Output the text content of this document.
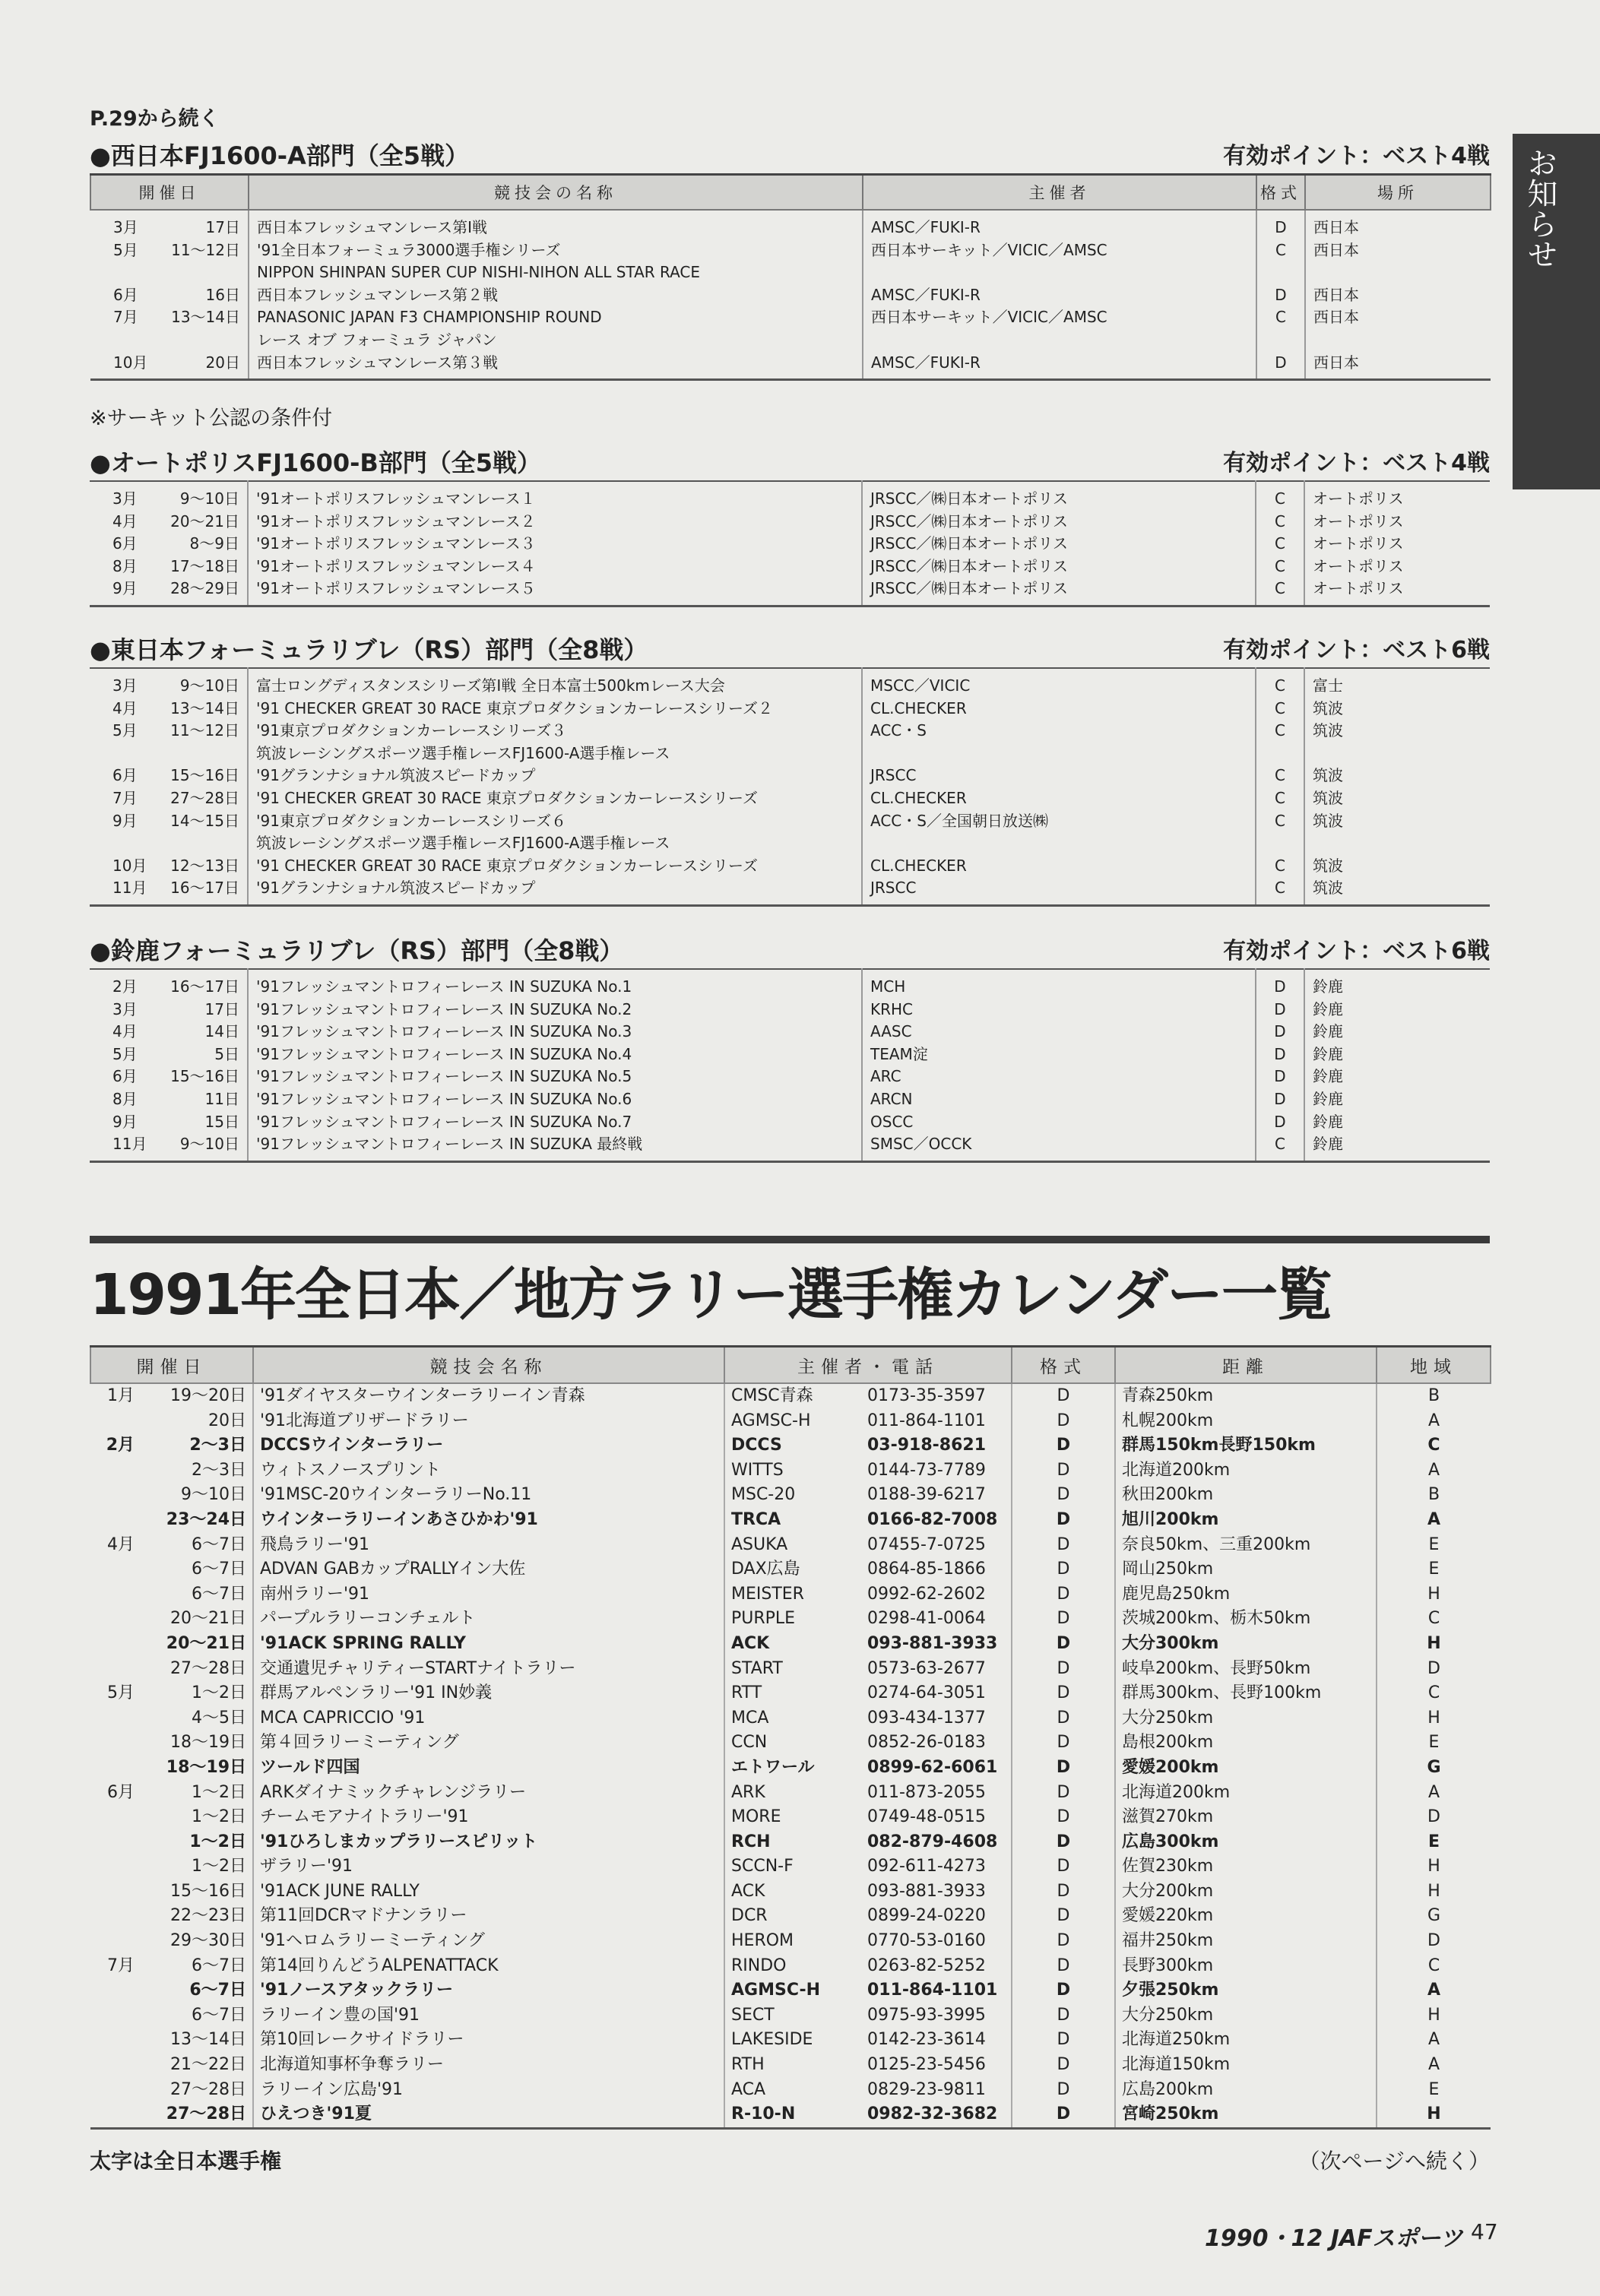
お知らせ
P.29から続く
●西日本FJ1600-A部門（全5戦）	有効ポイント：ベスト4戦
開催日	競技会の名称	主催者	格式	場所

3月	17日 西日本フレッシュマンレース第Ⅰ戦	AMSC／FUKI-R	D	西日本

5月 11〜12日 '91全日本フォーミュラ3000選手権シリーズ	西日本サーキット／VICIC／AMSC	C	西日本

NIPPON SHINPAN SUPER CUP NISHI-NIHON ALL STAR RACE			

6月	16日 西日本フレッシュマンレース第２戦	AMSC／FUKI-R	D	西日本

7月 13〜14日 PANASONIC JAPAN F3 CHAMPIONSHIP ROUND	西日本サーキット／VICIC／AMSC	C	西日本

レース オブ フォーミュラ ジャパン			

10月	20日 西日本フレッシュマンレース第３戦	AMSC／FUKI-R	D	西日本
※サーキット公認の条件付
●オートポリスFJ1600-B部門（全5戦）	有効ポイント：ベスト4戦
3月	9〜10日 '91オートポリスフレッシュマンレース１	JRSCC／㈱日本オートポリス	C	オートポリス

4月 20〜21日 '91オートポリスフレッシュマンレース２	JRSCC／㈱日本オートポリス	C	オートポリス

6月	8〜9日 '91オートポリスフレッシュマンレース３	JRSCC／㈱日本オートポリス	C	オートポリス

8月 17〜18日 '91オートポリスフレッシュマンレース４	JRSCC／㈱日本オートポリス	C	オートポリス

9月 28〜29日 '91オートポリスフレッシュマンレース５	JRSCC／㈱日本オートポリス	C	オートポリス
●東日本フォーミュラリブレ（RS）部門（全8戦）	有効ポイント：ベスト6戦
3月	9〜10日 富士ロングディスタンスシリーズ第Ⅰ戦 全日本富士500kmレース大会	MSCC／VICIC	C	富士

4月 13〜14日 '91 CHECKER GREAT 30 RACE 東京プロダクションカーレースシリーズ２	CL.CHECKER	C	筑波

5月 11〜12日 '91東京プロダクションカーレースシリーズ３	ACC・S	C	筑波

筑波レーシングスポーツ選手権レースFJ1600-A選手権レース			

6月 15〜16日 '91グランナショナル筑波スピードカップ	JRSCC	C	筑波

7月 27〜28日 '91 CHECKER GREAT 30 RACE 東京プロダクションカーレースシリーズ	CL.CHECKER	C	筑波

9月 14〜15日 '91東京プロダクションカーレースシリーズ６	ACC・S／全国朝日放送㈱	C	筑波

筑波レーシングスポーツ選手権レースFJ1600-A選手権レース			

10月 12〜13日 '91 CHECKER GREAT 30 RACE 東京プロダクションカーレースシリーズ	CL.CHECKER	C	筑波

11月 16〜17日 '91グランナショナル筑波スピードカップ	JRSCC	C	筑波
●鈴鹿フォーミュラリブレ（RS）部門（全8戦）	有効ポイント：ベスト6戦
2月 16〜17日 '91フレッシュマントロフィーレース IN SUZUKA No.1	MCH	D	鈴鹿

3月	17日 '91フレッシュマントロフィーレース IN SUZUKA No.2	KRHC	D	鈴鹿

4月	14日 '91フレッシュマントロフィーレース IN SUZUKA No.3	AASC	D	鈴鹿

5月	5日 '91フレッシュマントロフィーレース IN SUZUKA No.4	TEAM淀	D	鈴鹿

6月 15〜16日 '91フレッシュマントロフィーレース IN SUZUKA No.5	ARC	D	鈴鹿

8月	11日 '91フレッシュマントロフィーレース IN SUZUKA No.6	ARCN	D	鈴鹿

9月	15日 '91フレッシュマントロフィーレース IN SUZUKA No.7	OSCC	D	鈴鹿

11月 9〜10日 '91フレッシュマントロフィーレース IN SUZUKA 最終戦	SMSC／OCCK	C	鈴鹿
1991年全日本／地方ラリー選手権カレンダー一覧
開催日		競技会名称	主催者・電話		格式	距離	地域
1月	19〜20日	'91ダイヤスターウインターラリーイン青森	CMSC青森	0173-35-3597	D	青森250km	B
	20日	'91北海道ブリザードラリー	AGMSC-H	011-864-1101	D	札幌200km	A
2月	2〜3日	DCCSウインターラリー	DCCS	03-918-8621	D	群馬150km長野150km	C
	2〜3日	ウィトスノースプリント	WITTS	0144-73-7789	D	北海道200km	A
	9〜10日	'91MSC-20ウインターラリーNo.11	MSC-20	0188-39-6217	D	秋田200km	B
	23〜24日	ウインターラリーインあさひかわ'91	TRCA	0166-82-7008	D	旭川200km	A
4月	6〜7日	飛鳥ラリー'91	ASUKA	07455-7-0725	D	奈良50km、三重200km	E
	6〜7日	ADVAN GABカップRALLYイン大佐	DAX広島	0864-85-1866	D	岡山250km	E
	6〜7日	南州ラリー'91	MEISTER	0992-62-2602	D	鹿児島250km	H
	20〜21日	パープルラリーコンチェルト	PURPLE	0298-41-0064	D	茨城200km、栃木50km	C
	20〜21日	'91ACK SPRING RALLY	ACK	093-881-3933	D	大分300km	H
	27〜28日	交通遺児チャリティーSTARTナイトラリー	START	0573-63-2677	D	岐阜200km、長野50km	D
5月	1〜2日	群馬アルペンラリー'91 IN妙義	RTT	0274-64-3051	D	群馬300km、長野100km	C
	4〜5日	MCA CAPRICCIO '91	MCA	093-434-1377	D	大分250km	H
	18〜19日	第４回ラリーミーティング	CCN	0852-26-0183	D	島根200km	E
	18〜19日	ツールド四国	エトワール	0899-62-6061	D	愛媛200km	G
6月	1〜2日	ARKダイナミックチャレンジラリー	ARK	011-873-2055	D	北海道200km	A
	1〜2日	チームモアナイトラリー'91	MORE	0749-48-0515	D	滋賀270km	D
	1〜2日	'91ひろしまカップラリースピリット	RCH	082-879-4608	D	広島300km	E
	1〜2日	ザラリー'91	SCCN-F	092-611-4273	D	佐賀230km	H
	15〜16日	'91ACK JUNE RALLY	ACK	093-881-3933	D	大分200km	H
	22〜23日	第11回DCRマドナンラリー	DCR	0899-24-0220	D	愛媛220km	G
	29〜30日	'91ヘロムラリーミーティング	HEROM	0770-53-0160	D	福井250km	D
7月	6〜7日	第14回りんどうALPENATTACK	RINDO	0263-82-5252	D	長野300km	C
	6〜7日	'91ノースアタックラリー	AGMSC-H	011-864-1101	D	夕張250km	A
	6〜7日	ラリーイン豊の国'91	SECT	0975-93-3995	D	大分250km	H
	13〜14日	第10回レークサイドラリー	LAKESIDE	0142-23-3614	D	北海道250km	A
	21〜22日	北海道知事杯争奪ラリー	RTH	0125-23-5456	D	北海道150km	A
	27〜28日	ラリーイン広島'91	ACA	0829-23-9811	D	広島200km	E
	27〜28日	ひえつき'91夏	R-10-N	0982-32-3682	D	宮崎250km	H
太字は全日本選手権	（次ページへ続く）
1990・12 JAFスポーツ 47
